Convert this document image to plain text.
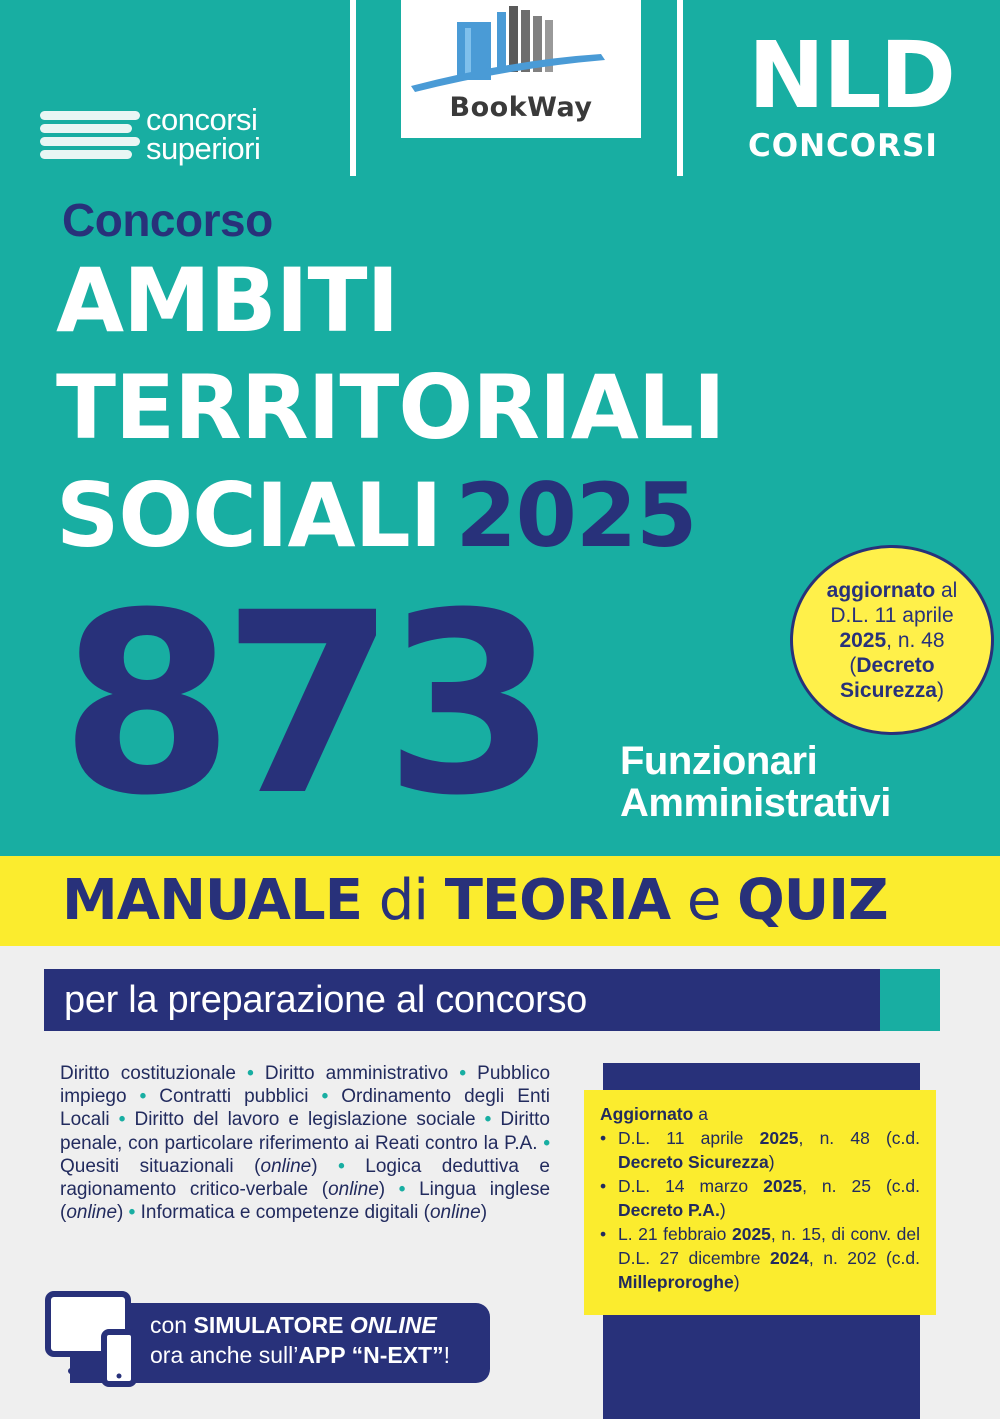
concorsi
superiori
BookWay	NLD
CONCORSI
Concorso
AMBITI
TERRITORIALI
SOCIALI 2025
873 Funzionari
Amministrativi
aggiornato al
D.L. 11 aprile
2025, n. 48
(Decreto
Sicurezza)
MANUALE di TEORIA e QUIZ
per la preparazione al concorso
Diritto costituzionale • Diritto amministrativo • Pubblico impiego • Contratti pubblici • Ordinamento degli Enti Locali • Diritto del lavoro e legislazione sociale • Diritto penale, con particolare riferimento ai Reati contro la P.A. • Quesiti situazionali (online) • Logica deduttiva e ragionamento critico-verbale (online) • Lingua inglese (online) • Informatica e competenze digitali (online)
Aggiornato a
• D.L. 11 aprile 2025, n. 48 (c.d. Decreto Sicurezza)
• D.L. 14 marzo 2025, n. 25 (c.d. Decreto P.A.)
• L. 21 febbraio 2025, n. 15, di conv. del D.L. 27 dicembre 2024, n. 202 (c.d. Milleproroghe)
con SIMULATORE ONLINE
ora anche sull’APP “N-EXT”!
